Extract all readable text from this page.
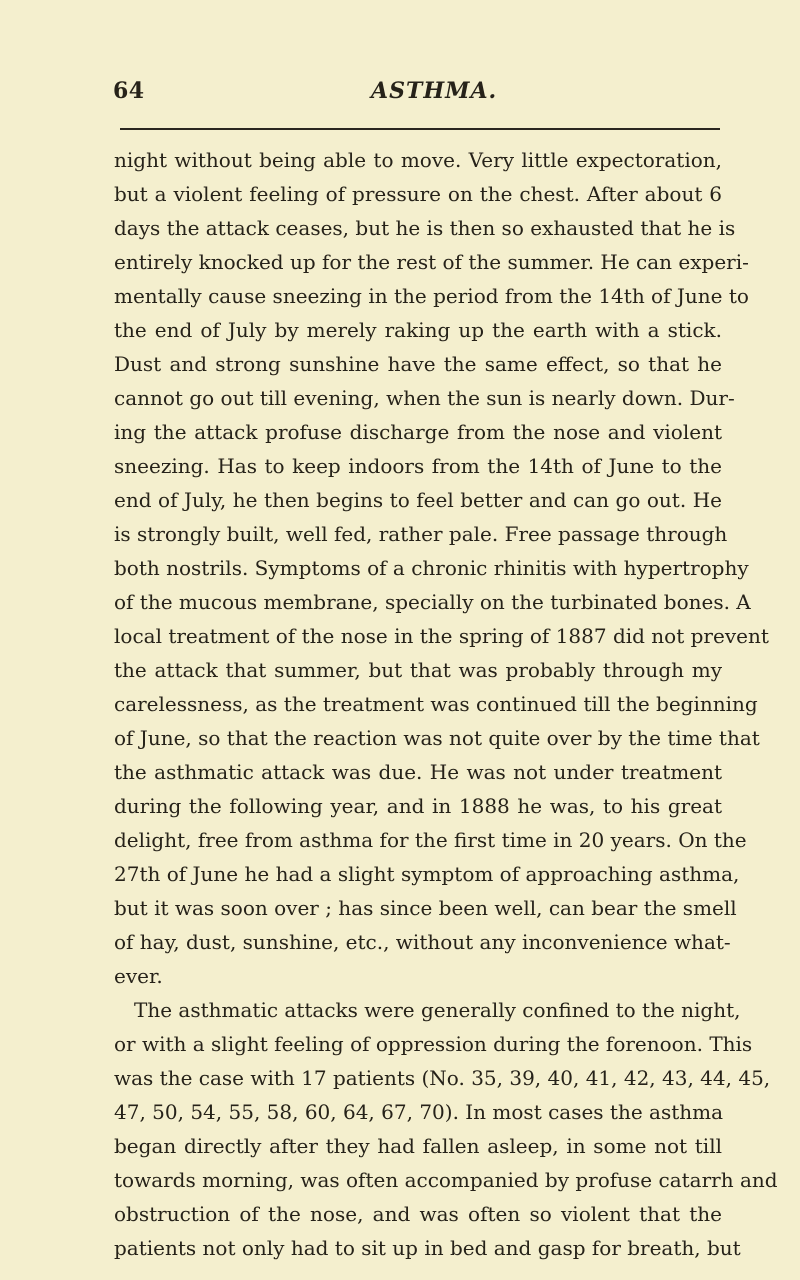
64	ASTHMA.
night without being able to move. Very little expectoration,
but a violent feeling of pressure on the chest. After about 6
days the attack ceases, but he is then so exhausted that he is
entirely knocked up for the rest of the summer. He can experi-
mentally cause sneezing in the period from the 14th of June to
the end of July by merely raking up the earth with a stick.
Dust and strong sunshine have the same effect, so that he
cannot go out till evening, when the sun is nearly down. Dur-
ing the attack profuse discharge from the nose and violent
sneezing. Has to keep indoors from the 14th of June to the
end of July, he then begins to feel better and can go out. He
is strongly built, well fed, rather pale. Free passage through
both nostrils. Symptoms of a chronic rhinitis with hypertrophy
of the mucous membrane, specially on the turbinated bones. A
local treatment of the nose in the spring of 1887 did not prevent
the attack that summer, but that was probably through my
carelessness, as the treatment was continued till the beginning
of June, so that the reaction was not quite over by the time that
the asthmatic attack was due. He was not under treatment
during the following year, and in 1888 he was, to his great
delight, free from asthma for the first time in 20 years. On the
27th of June he had a slight symptom of approaching asthma,
but it was soon over ; has since been well, can bear the smell
of hay, dust, sunshine, etc., without any inconvenience what-
ever.
The asthmatic attacks were generally confined to the night,
or with a slight feeling of oppression during the forenoon. This
was the case with 17 patients (No. 35, 39, 40, 41, 42, 43, 44, 45,
47, 50, 54, 55, 58, 60, 64, 67, 70). In most cases the asthma
began directly after they had fallen asleep, in some not till
towards morning, was often accompanied by profuse catarrh and
obstruction of the nose, and was often so violent that the
patients not only had to sit up in bed and gasp for breath, but
